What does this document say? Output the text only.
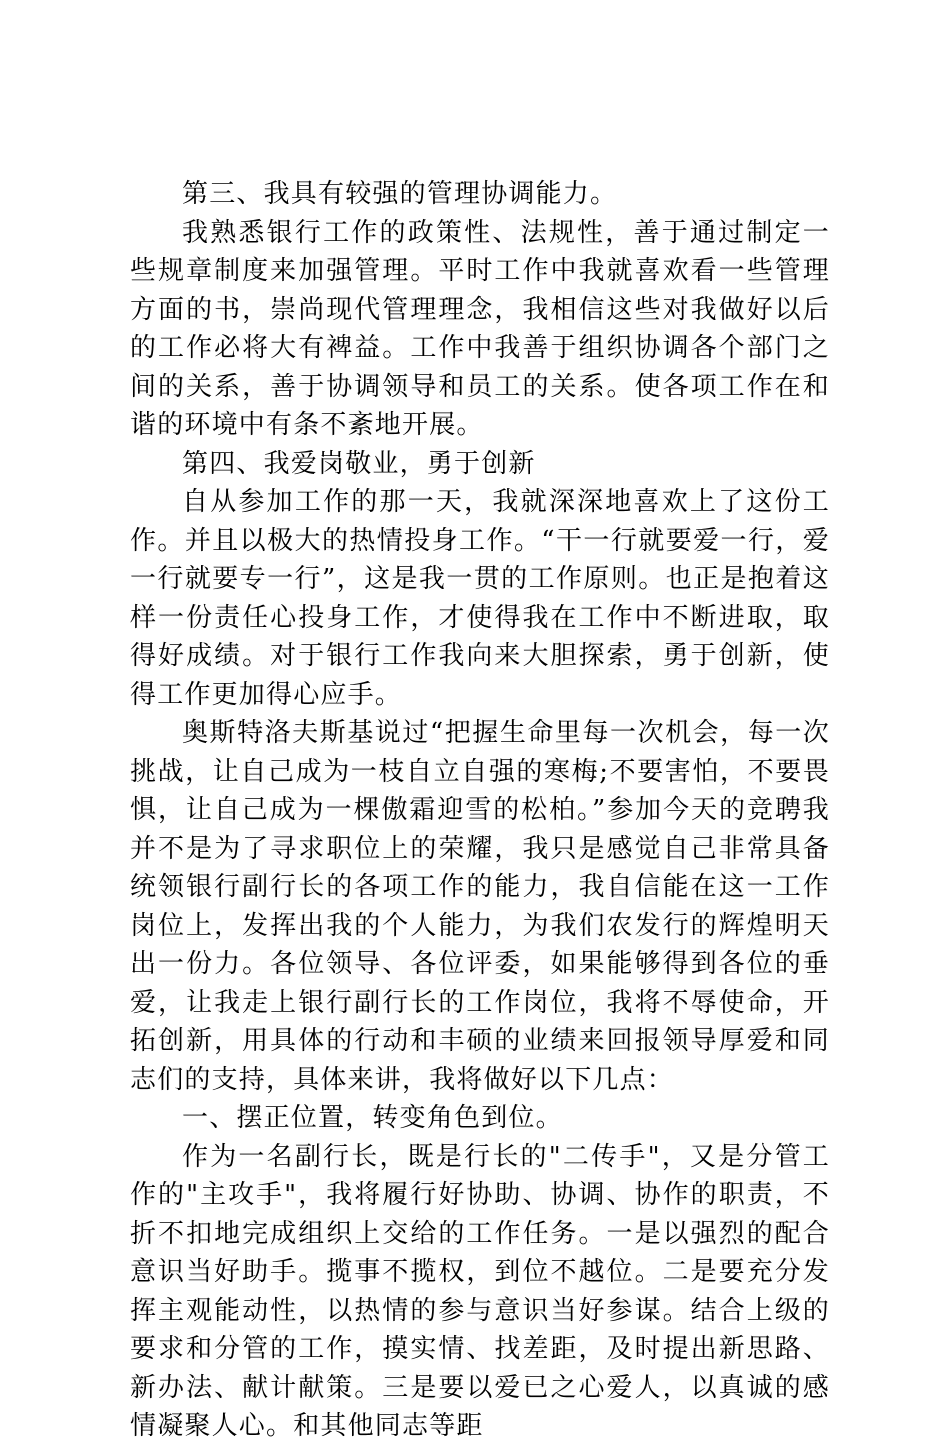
第三、我具有较强的管理协调能力。

我熟悉银行工作的政策性、法规性，善于通过制定一些规章制度来加强管理。平时工作中我就喜欢看一些管理方面的书，崇尚现代管理理念，我相信这些对我做好以后的工作必将大有裨益。工作中我善于组织协调各个部门之间的关系，善于协调领导和员工的关系。使各项工作在和谐的环境中有条不紊地开展。

第四、我爱岗敬业，勇于创新

自从参加工作的那一天，我就深深地喜欢上了这份工作。并且以极大的热情投身工作。“干一行就要爱一行，爱一行就要专一行”，这是我一贯的工作原则。也正是抱着这样一份责任心投身工作，才使得我在工作中不断进取，取得好成绩。对于银行工作我向来大胆探索，勇于创新，使得工作更加得心应手。

奥斯特洛夫斯基说过“把握生命里每一次机会，每一次挑战，让自己成为一枝自立自强的寒梅;不要害怕，不要畏惧，让自己成为一棵傲霜迎雪的松柏。”参加今天的竞聘我并不是为了寻求职位上的荣耀，我只是感觉自己非常具备统领银行副行长的各项工作的能力，我自信能在这一工作岗位上，发挥出我的个人能力，为我们农发行的辉煌明天出一份力。各位领导、各位评委，如果能够得到各位的垂爱，让我走上银行副行长的工作岗位，我将不辱使命，开拓创新，用具体的行动和丰硕的业绩来回报领导厚爱和同志们的支持，具体来讲，我将做好以下几点：

一、摆正位置，转变角色到位。

作为一名副行长，既是行长的"二传手"，又是分管工作的"主攻手"，我将履行好协助、协调、协作的职责，不折不扣地完成组织上交给的工作任务。一是以强烈的配合意识当好助手。揽事不揽权，到位不越位。二是要充分发挥主观能动性，以热情的参与意识当好参谋。结合上级的要求和分管的工作，摸实情、找差距，及时提出新思路、新办法、献计献策。三是要以爱已之心爱人，以真诚的感情凝聚人心。和其他同志等距
